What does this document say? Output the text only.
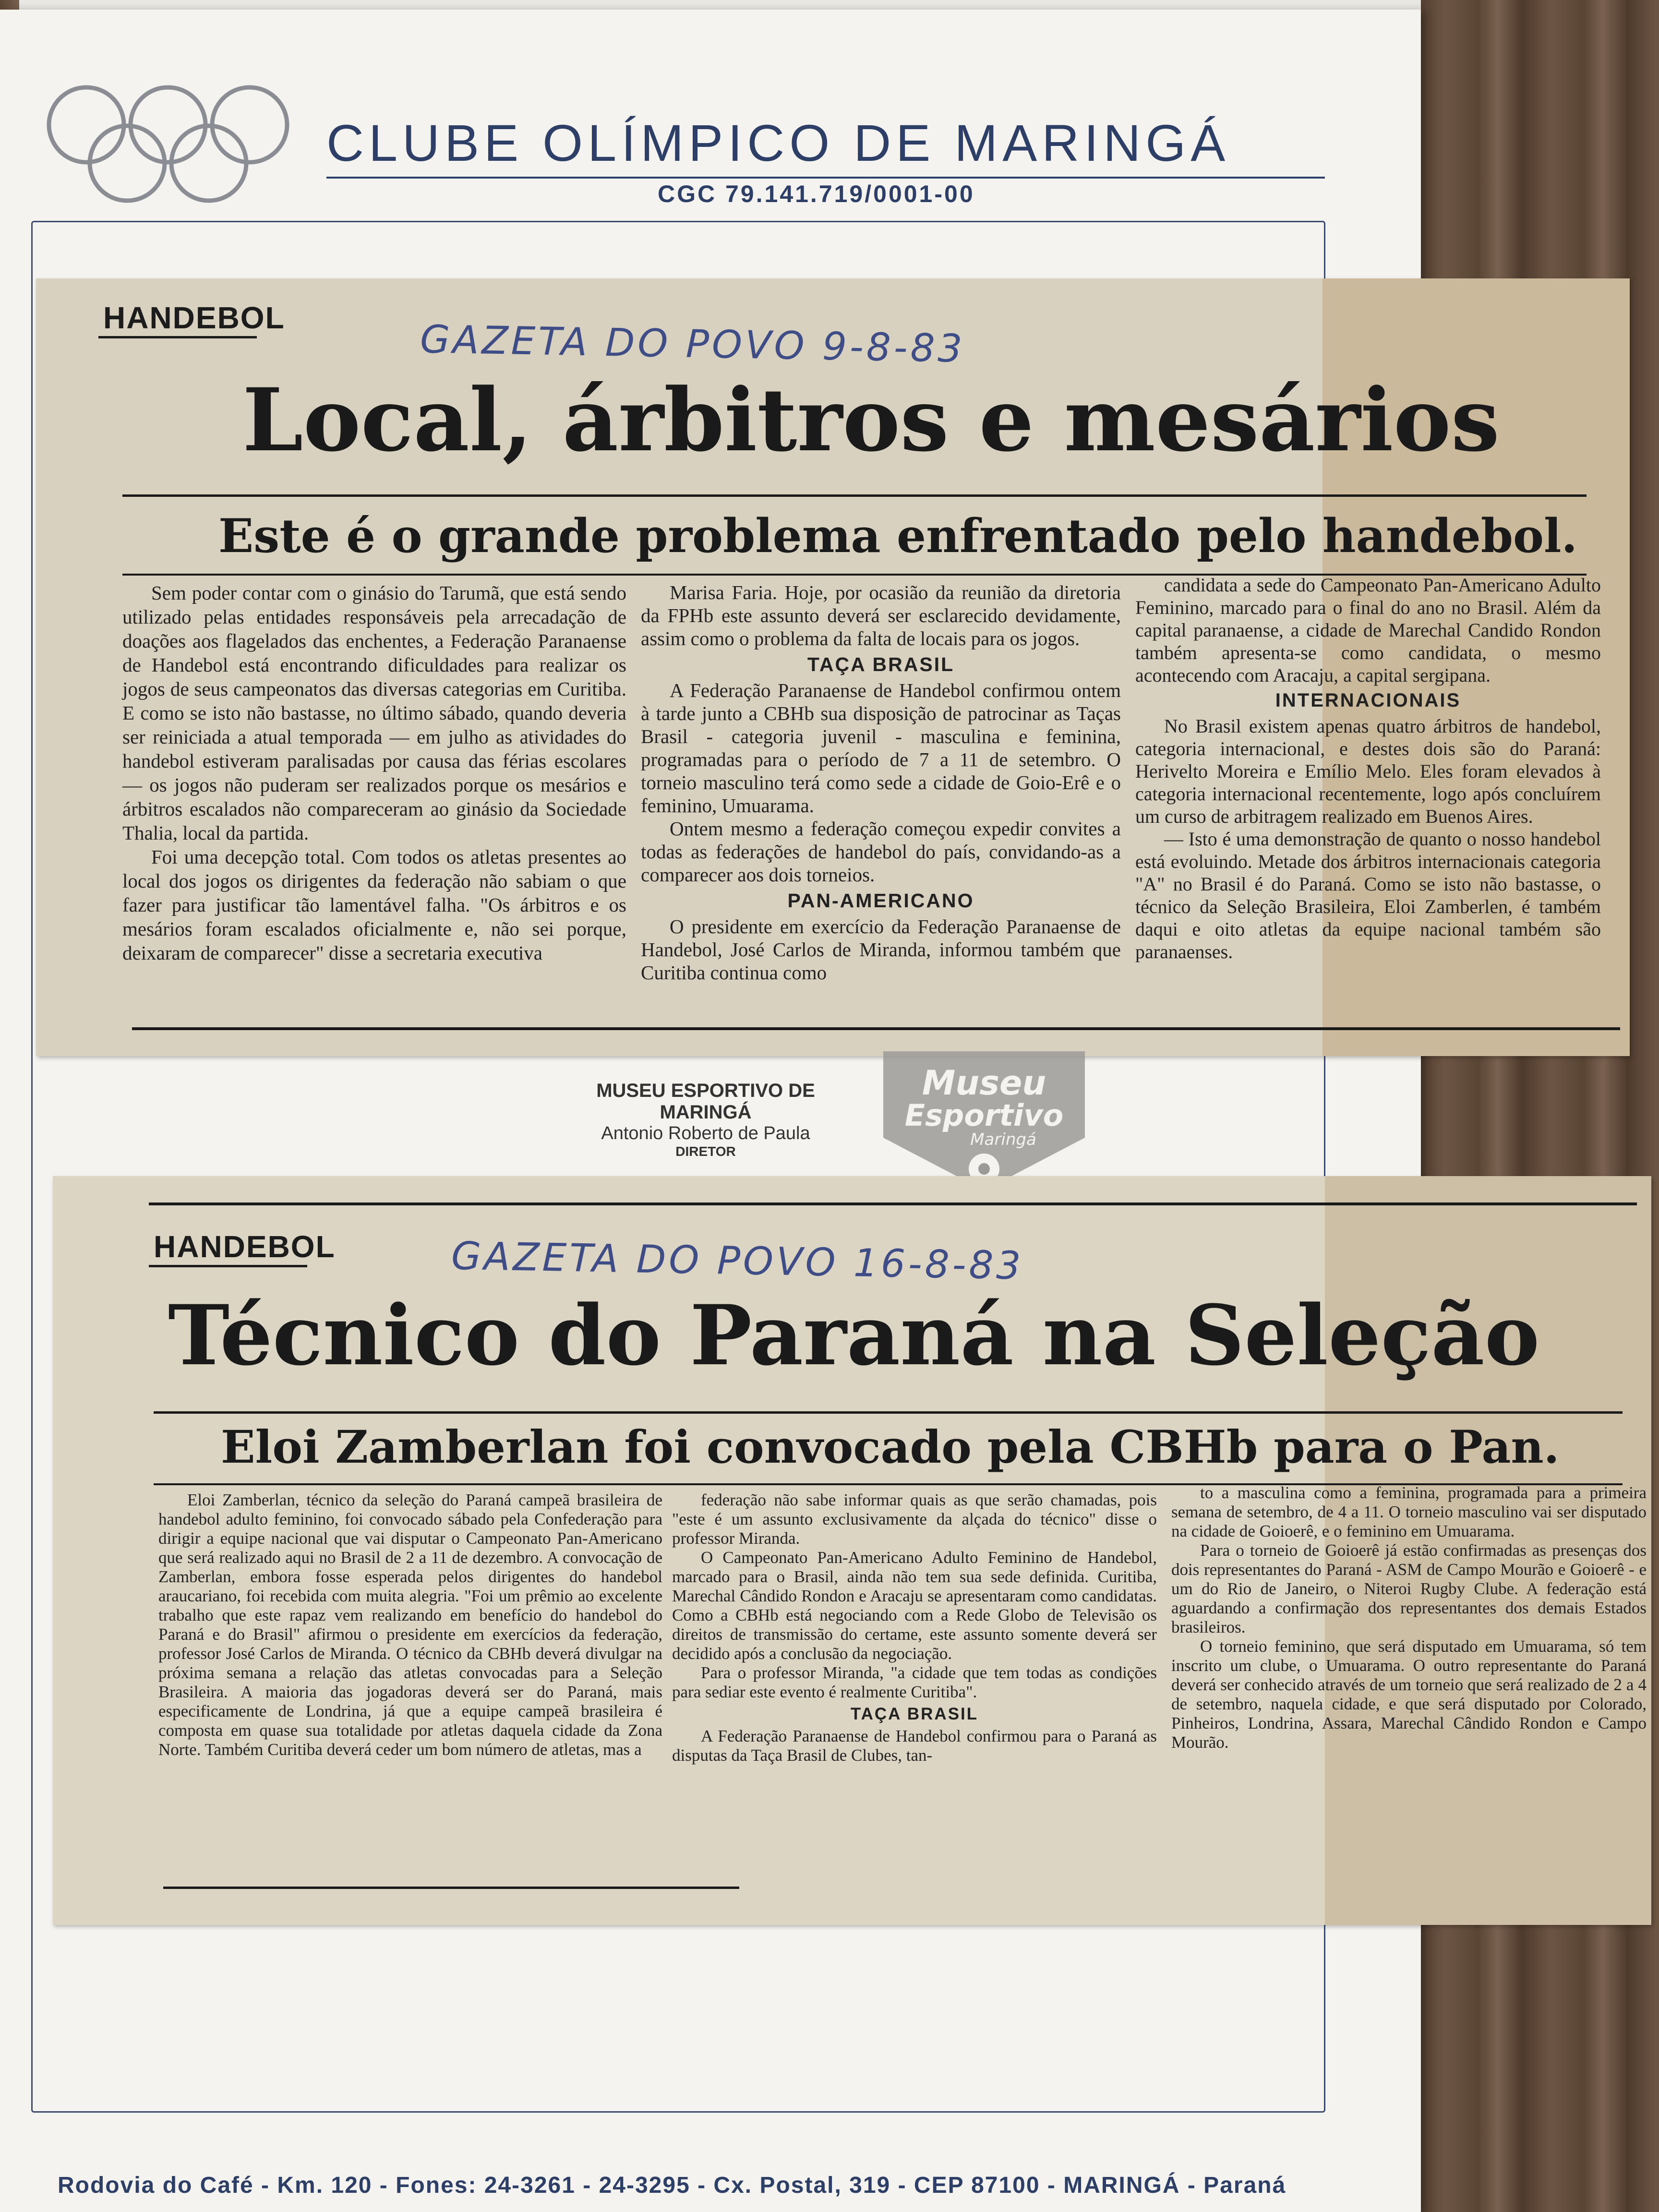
CLUBE OLÍMPICO DE MARINGÁ
CGC 79.141.719/0001-00
Rodovia do Café - Km. 120 - Fones: 24-3261 - 24-3295 - Cx. Postal, 319 - CEP 87100 - MARINGÁ - Paraná
HANDEBOL	GAZETA DO POVO 9-8-83
Local, árbitros e mesários
Este é o grande problema enfrentado pelo handebol.

Sem poder contar com o ginásio do Tarumã, que está sendo utilizado pelas entidades responsáveis pela arrecadação de doações aos flagelados das enchentes, a Federação Paranaense de Handebol está encontrando dificuldades para realizar os jogos de seus campeonatos das diversas categorias em Curitiba. E como se isto não bastasse, no último sábado, quando deveria ser reiniciada a atual temporada — em julho as atividades do handebol estiveram paralisadas por causa das férias escolares — os jogos não puderam ser realizados porque os mesários e árbitros escalados não compareceram ao ginásio da Sociedade Thalia, local da partida.

Foi uma decepção total. Com todos os atletas presentes ao local dos jogos os dirigentes da federação não sabiam o que fazer para justificar tão lamentável falha. "Os árbitros e os mesários foram escalados oficialmente e, não sei porque, deixaram de comparecer" disse a secretaria executiva

Marisa Faria. Hoje, por ocasião da reunião da diretoria da FPHb este assunto deverá ser esclarecido devidamente, assim como o problema da falta de locais para os jogos.

TAÇA BRASIL

A Federação Paranaense de Handebol confirmou ontem à tarde junto a CBHb sua disposição de patrocinar as Taças Brasil - categoria juvenil - masculina e feminina, programadas para o período de 7 a 11 de setembro. O torneio masculino terá como sede a cidade de Goio-Erê e o feminino, Umuarama.

Ontem mesmo a federação começou expedir convites a todas as federações de handebol do país, convidando-as a comparecer aos dois torneios.

PAN-AMERICANO

O presidente em exercício da Federação Paranaense de Handebol, José Carlos de Miranda, informou também que Curitiba continua como

candidata a sede do Campeonato Pan-Americano Adulto Feminino, marcado para o final do ano no Brasil. Além da capital paranaense, a cidade de Marechal Candido Rondon também apresenta-se como candidata, o mesmo acontecendo com Aracaju, a capital sergipana.

INTERNACIONAIS

No Brasil existem apenas quatro árbitros de handebol, categoria internacional, e destes dois são do Paraná: Herivelto Moreira e Emílio Melo. Eles foram elevados à categoria internacional recentemente, logo após concluírem um curso de arbitragem realizado em Buenos Aires.

— Isto é uma demonstração de quanto o nosso handebol está evoluindo. Metade dos árbitros internacionais categoria "A" no Brasil é do Paraná. Como se isto não bastasse, o técnico da Seleção Brasileira, Eloi Zamberlen, é também daqui e oito atletas da equipe nacional também são paranaenses.

MUSEU ESPORTIVO DE MARINGÁ
Antonio Roberto de Paula
DIRETOR
Museu
Esportivo
Maringá
HANDEBOL	GAZETA DO POVO 16-8-83
Técnico do Paraná na Seleção
Eloi Zamberlan foi convocado pela CBHb para o Pan.

Eloi Zamberlan, técnico da seleção do Paraná campeã brasileira de handebol adulto feminino, foi convocado sábado pela Confederação para dirigir a equipe nacional que vai disputar o Campeonato Pan-Americano que será realizado aqui no Brasil de 2 a 11 de dezembro. A convocação de Zamberlan, embora fosse esperada pelos dirigentes do handebol araucariano, foi recebida com muita alegria. "Foi um prêmio ao excelente trabalho que este rapaz vem realizando em benefício do handebol do Paraná e do Brasil" afirmou o presidente em exercícios da federação, professor José Carlos de Miranda. O técnico da CBHb deverá divulgar na próxima semana a relação das atletas convocadas para a Seleção Brasileira. A maioria das jogadoras deverá ser do Paraná, mais especificamente de Londrina, já que a equipe campeã brasileira é composta em quase sua totalidade por atletas daquela cidade da Zona Norte. Também Curitiba deverá ceder um bom número de atletas, mas a

federação não sabe informar quais as que serão chamadas, pois "este é um assunto exclusivamente da alçada do técnico" disse o professor Miranda.

O Campeonato Pan-Americano Adulto Feminino de Handebol, marcado para o Brasil, ainda não tem sua sede definida. Curitiba, Marechal Cândido Rondon e Aracaju se apresentaram como candidatas. Como a CBHb está negociando com a Rede Globo de Televisão os direitos de transmissão do certame, este assunto somente deverá ser decidido após a conclusão da negociação.

Para o professor Miranda, "a cidade que tem todas as condições para sediar este evento é realmente Curitiba".

TAÇA BRASIL

A Federação Paranaense de Handebol confirmou para o Paraná as disputas da Taça Brasil de Clubes, tan-

to a masculina como a feminina, programada para a primeira semana de setembro, de 4 a 11. O torneio masculino vai ser disputado na cidade de Goioerê, e o feminino em Umuarama.

Para o torneio de Goioerê já estão confirmadas as presenças dos dois representantes do Paraná - ASM de Campo Mourão e Goioerê - e um do Rio de Janeiro, o Niteroi Rugby Clube. A federação está aguardando a confirmação dos representantes dos demais Estados brasileiros.

O torneio feminino, que será disputado em Umuarama, só tem inscrito um clube, o Umuarama. O outro representante do Paraná deverá ser conhecido através de um torneio que será realizado de 2 a 4 de setembro, naquela cidade, e que será disputado por Colorado, Pinheiros, Londrina, Assara, Marechal Cândido Rondon e Campo Mourão.
